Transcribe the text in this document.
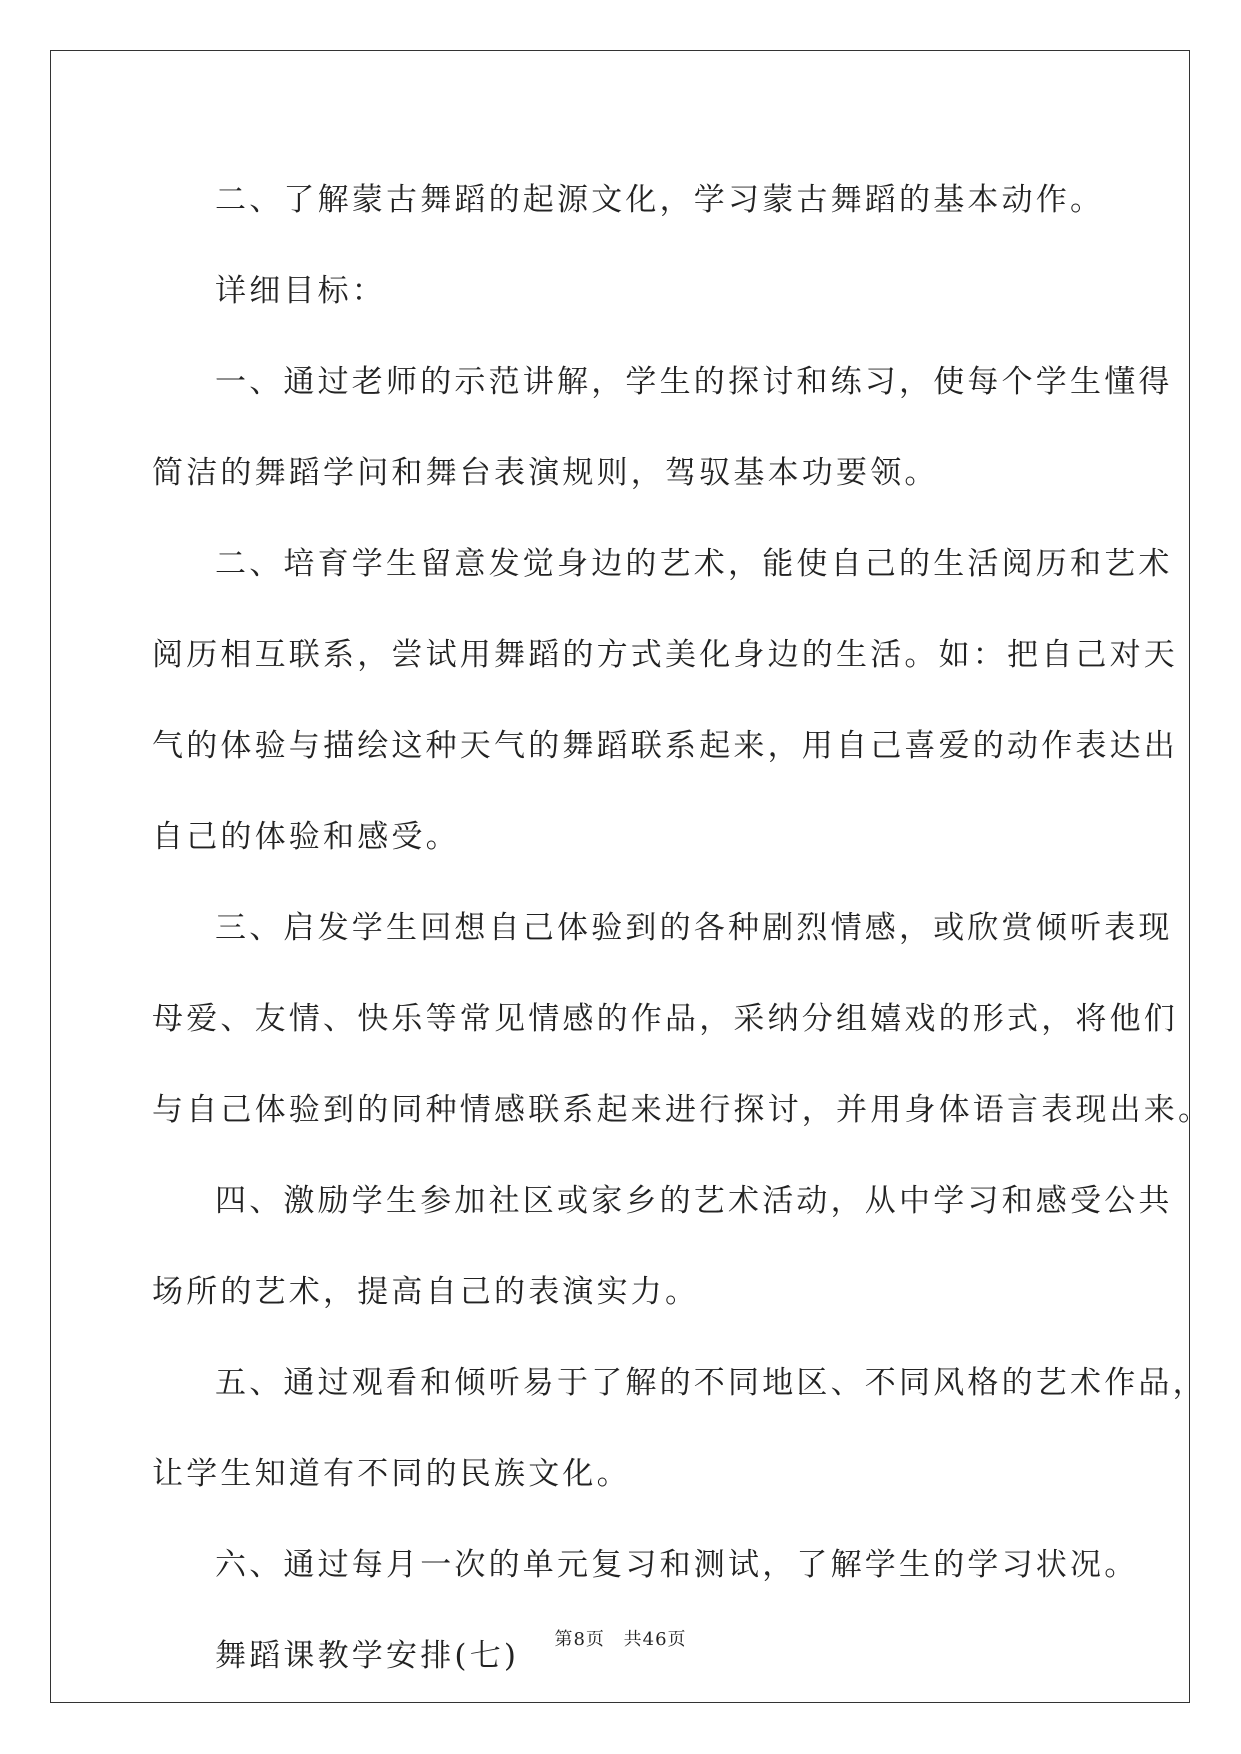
二、了解蒙古舞蹈的起源文化，学习蒙古舞蹈的基本动作。

详细目标：

一、通过老师的示范讲解，学生的探讨和练习，使每个学生懂得

简洁的舞蹈学问和舞台表演规则，驾驭基本功要领。

二、培育学生留意发觉身边的艺术，能使自己的生活阅历和艺术

阅历相互联系，尝试用舞蹈的方式美化身边的生活。如：把自己对天

气的体验与描绘这种天气的舞蹈联系起来，用自己喜爱的动作表达出

自己的体验和感受。

三、启发学生回想自己体验到的各种剧烈情感，或欣赏倾听表现

母爱、友情、快乐等常见情感的作品，采纳分组嬉戏的形式，将他们

与自己体验到的同种情感联系起来进行探讨，并用身体语言表现出来。

四、激励学生参加社区或家乡的艺术活动，从中学习和感受公共

场所的艺术，提高自己的表演实力。

五、通过观看和倾听易于了解的不同地区、不同风格的艺术作品，

让学生知道有不同的民族文化。

六、通过每月一次的单元复习和测试，了解学生的学习状况。

舞蹈课教学安排(七)	第8页 共46页
